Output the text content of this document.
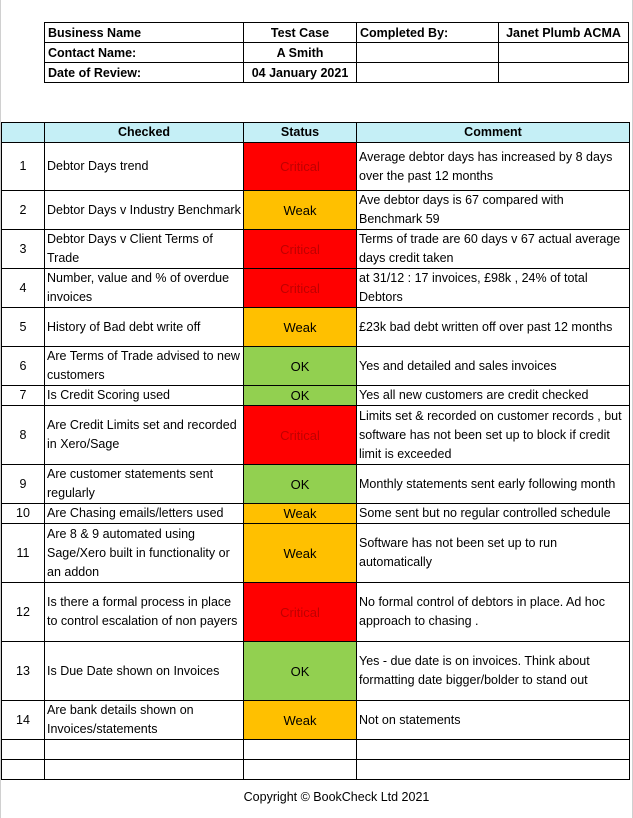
Business Name	Test Case	Completed By:	Janet Plumb ACMA
Contact Name:	A Smith		
Date of Review:	04 January 2021		
	Checked	Status	Comment
1	Debtor Days trend	Critical	Average debtor days has increased by 8 days over the past 12 months
2	Debtor Days v Industry Benchmark	Weak	Ave debtor days is 67 compared with Benchmark 59
3	Debtor Days v Client Terms of Trade	Critical	Terms of trade are 60 days v 67 actual average days credit taken
4	Number, value and % of overdue invoices	Critical	at 31/12 : 17 invoices, £98k , 24% of total Debtors
5	History of Bad debt write off	Weak	£23k bad debt written off over past 12 months
6	Are Terms of Trade advised to new customers	OK	Yes and detailed and sales invoices
7	Is Credit Scoring used	OK	Yes all new customers are credit checked
8	Are Credit Limits set and recorded in Xero/Sage	Critical	Limits set & recorded on customer records , but software has not been set up to block if credit limit is exceeded
9	Are customer statements sent regularly	OK	Monthly statements sent early following month
10	Are Chasing emails/letters used	Weak	Some sent but no regular controlled schedule
11	Are 8 & 9 automated using Sage/Xero built in functionality or an addon	Weak	Software has not been set up to run automatically
12	Is there a formal process in place to control escalation of non payers	Critical	No formal control of debtors in place. Ad hoc approach to chasing .
13	Is Due Date shown on Invoices	OK	Yes - due date is on invoices. Think about formatting date bigger/bolder to stand out
14	Are bank details shown on Invoices/statements	Weak	Not on statements

Copyright © BookCheck Ltd 2021
